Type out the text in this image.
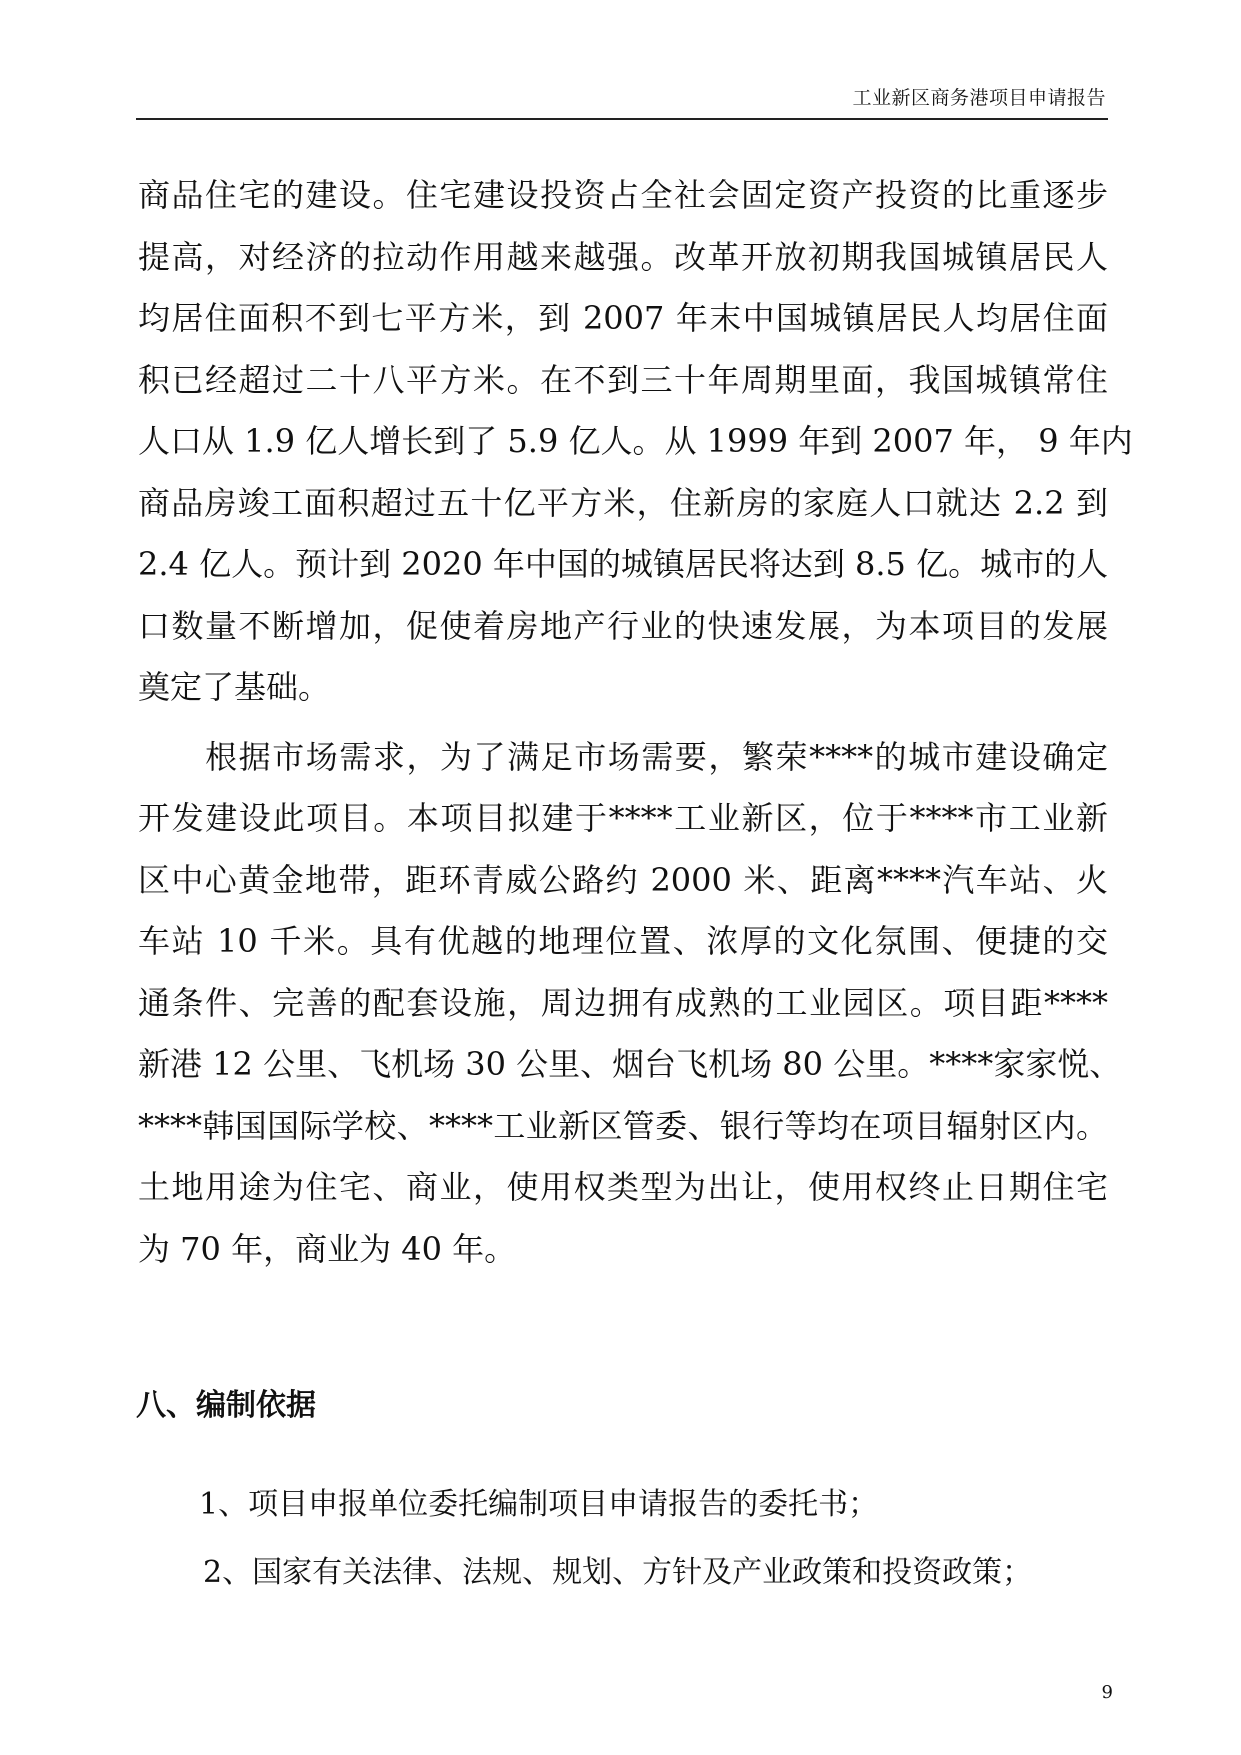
工业新区商务港项目申请报告
商品住宅的建设。住宅建设投资占全社会固定资产投资的比重逐步
提高，对经济的拉动作用越来越强。改革开放初期我国城镇居民人
均居住面积不到七平方米，到 2007 年末中国城镇居民人均居住面
积已经超过二十八平方米。在不到三十年周期里面，我国城镇常住
人口从 1.9 亿人增长到了 5.9 亿人。从 1999 年到 2007 年， 9 年内
商品房竣工面积超过五十亿平方米，住新房的家庭人口就达 2.2 到
2.4 亿人。预计到 2020 年中国的城镇居民将达到 8.5 亿。城市的人
口数量不断增加，促使着房地产行业的快速发展，为本项目的发展
奠定了基础。
　　根据市场需求，为了满足市场需要，繁荣****的城市建设确定
开发建设此项目。本项目拟建于****工业新区，位于****市工业新
区中心黄金地带，距环青威公路约 2000 米、距离****汽车站、火
车站 10 千米。具有优越的地理位置、浓厚的文化氛围、便捷的交
通条件、完善的配套设施，周边拥有成熟的工业园区。项目距****
新港 12 公里、飞机场 30 公里、烟台飞机场 80 公里。****家家悦、
****韩国国际学校、****工业新区管委、银行等均在项目辐射区内。
土地用途为住宅、商业，使用权类型为出让，使用权终止日期住宅
为 70 年，商业为 40 年。
八、编制依据
1、项目申报单位委托编制项目申请报告的委托书；
2、国家有关法律、法规、规划、方针及产业政策和投资政策；
9
